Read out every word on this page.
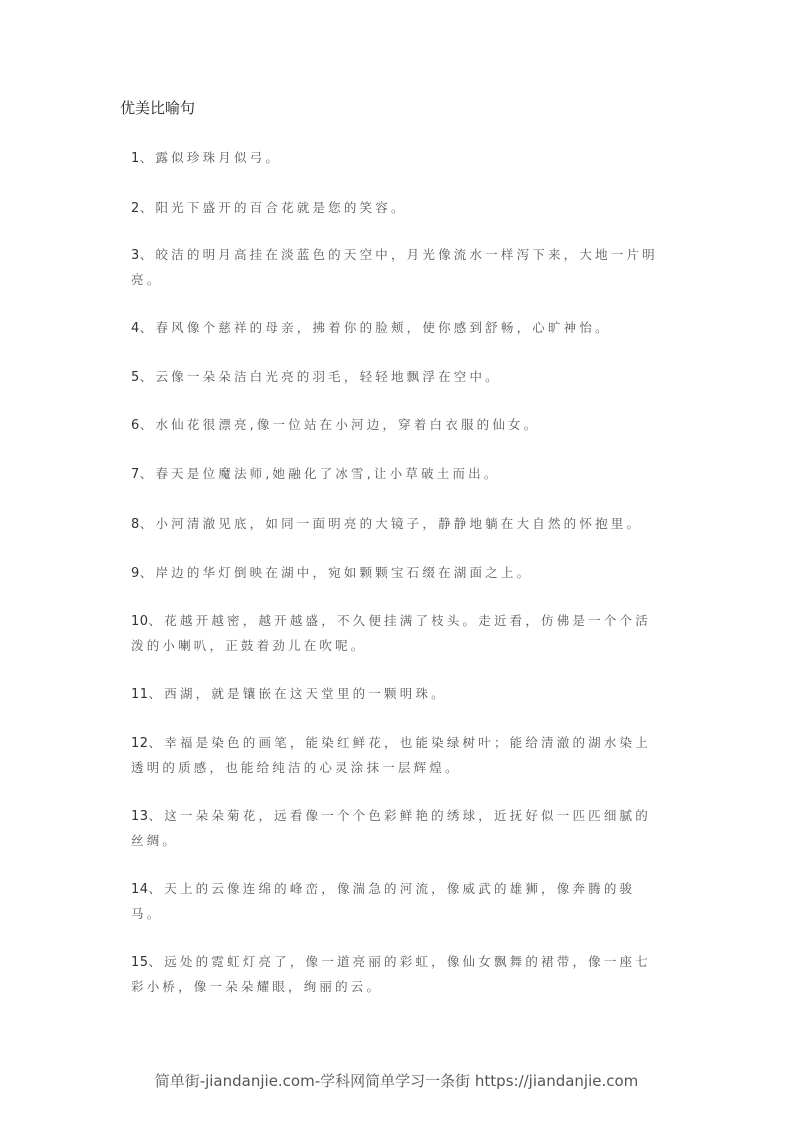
优美比喻句
1、露似珍珠月似弓。
2、阳光下盛开的百合花就是您的笑容。
3、皎洁的明月高挂在淡蓝色的天空中，月光像流水一样泻下来，大地一片明亮。
4、春风像个慈祥的母亲，拂着你的脸颊，使你感到舒畅，心旷神怡。
5、云像一朵朵洁白光亮的羽毛，轻轻地飘浮在空中。
6、水仙花很漂亮,像一位站在小河边，穿着白衣服的仙女。
7、春天是位魔法师,她融化了冰雪,让小草破土而出。
8、小河清澈见底，如同一面明亮的大镜子，静静地躺在大自然的怀抱里。
9、岸边的华灯倒映在湖中，宛如颗颗宝石缀在湖面之上。
10、花越开越密，越开越盛，不久便挂满了枝头。走近看，仿佛是一个个活泼的小喇叭，正鼓着劲儿在吹呢。
11、西湖，就是镶嵌在这天堂里的一颗明珠。
12、幸福是染色的画笔，能染红鲜花，也能染绿树叶；能给清澈的湖水染上透明的质感，也能给纯洁的心灵涂抹一层辉煌。
13、这一朵朵菊花，远看像一个个色彩鲜艳的绣球，近抚好似一匹匹细腻的丝绸。
14、天上的云像连绵的峰峦，像湍急的河流，像威武的雄狮，像奔腾的骏马。
15、远处的霓虹灯亮了，像一道亮丽的彩虹，像仙女飘舞的裙带，像一座七彩小桥，像一朵朵耀眼，绚丽的云。
简单街-jiandanjie.com-学科网简单学习一条街 https://jiandanjie.com
